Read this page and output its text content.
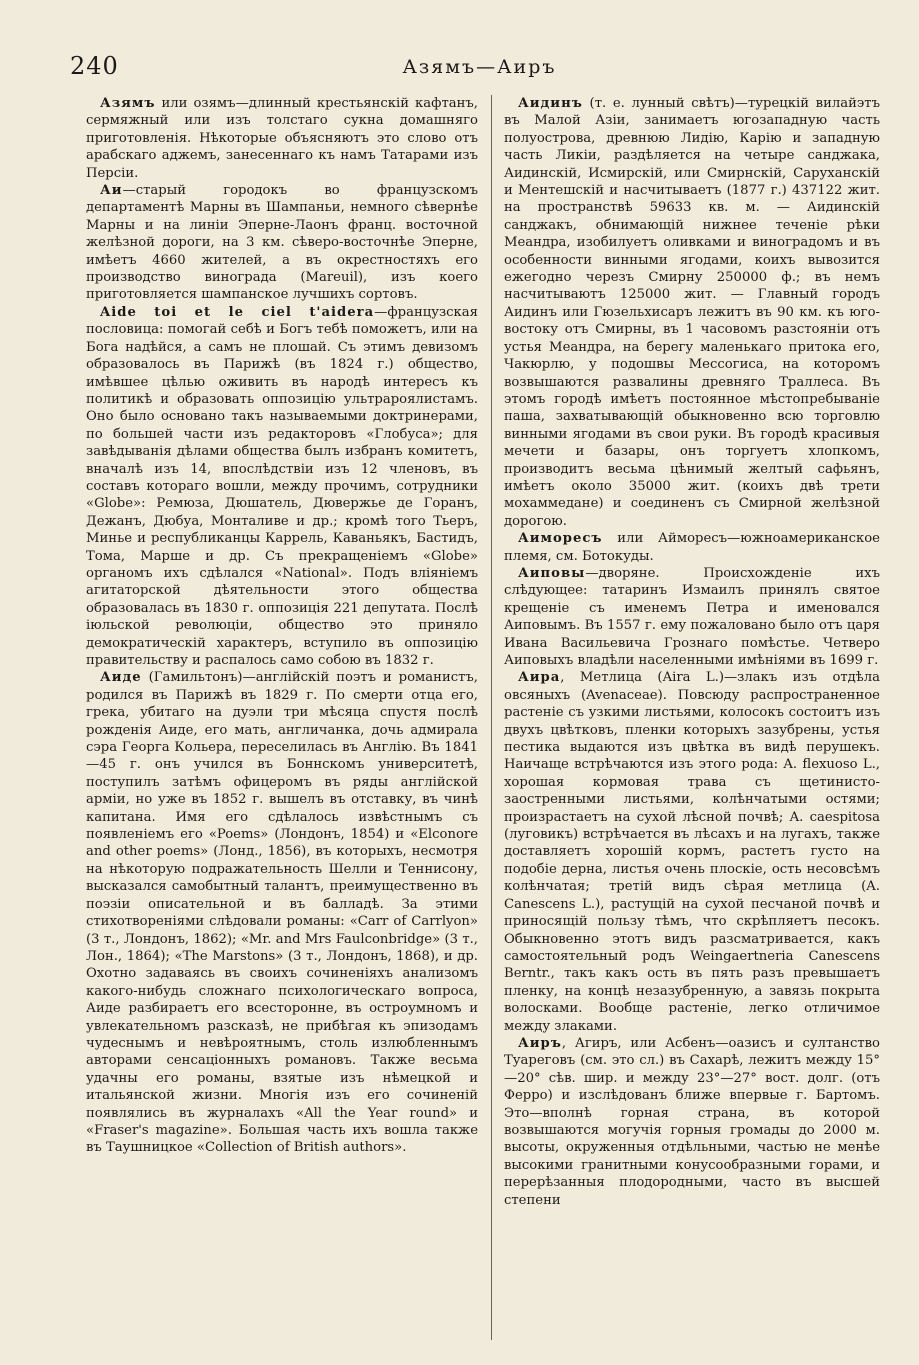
240	Азямъ—Аиръ

Азямъ или озямъ—длинный крестьянскій кафтанъ, сермяжный или изъ толстаго сукна домашняго приготовленія. Нѣкоторые объясняютъ это слово отъ арабскаго аджемъ, занесеннаго къ намъ Татарами изъ Персіи.

Аи—старый городокъ во французскомъ департаментѣ Марны въ Шампаньи, немного сѣвернѣе Марны и на линіи Эперне-Лаонъ франц. восточной желѣзной дороги, на 3 км. сѣверо-восточнѣе Эперне, имѣетъ 4660 жителей, а въ окрестностяхъ его производство винограда (Mareuil), изъ коего приготовляется шампанское лучшихъ сортовъ.

Aide toi et le ciel t'aidera—французская пословица: помогай себѣ и Богъ тебѣ поможетъ, или на Бога надѣйся, а самъ не плошай. Съ этимъ девизомъ образовалось въ Парижѣ (въ 1824 г.) общество, имѣвшее цѣлью оживить въ народѣ интересъ къ политикѣ и образовать оппозицію ультрароялистамъ. Оно было основано такъ называемыми доктринерами, по большей части изъ редакторовъ «Глобуса»; для завѣдыванія дѣлами общества былъ избранъ комитетъ, вначалѣ изъ 14, впослѣдствіи изъ 12 членовъ, въ составъ котораго вошли, между прочимъ, сотрудники «Globe»: Ремюза, Дюшатель, Дювержье де Горанъ, Дежанъ, Дюбуа, Монталиве и др.; кромѣ того Тьеръ, Минье и республиканцы Каррель, Каваньякъ, Бастидъ, Тома, Марше и др. Съ прекращеніемъ «Globe» органомъ ихъ сдѣлался «National». Подъ вліяніемъ агитаторской дѣятельности этого общества образовалась въ 1830 г. оппозиція 221 депутата. Послѣ іюльской революціи, общество это приняло демократическій характеръ, вступило въ оппозицію правительству и распалось само собою въ 1832 г.

Аиде (Гамильтонъ)—англійскій поэтъ и романистъ, родился въ Парижѣ въ 1829 г. По смерти отца его, грека, убитаго на дуэли три мѣсяца спустя послѣ рожденія Аиде, его мать, англичанка, дочь адмирала сэра Георга Кольера, переселилась въ Англію. Въ 1841—45 г. онъ учился въ Боннскомъ университетѣ, поступилъ затѣмъ офицеромъ въ ряды англійской арміи, но уже въ 1852 г. вышелъ въ отставку, въ чинѣ капитана. Имя его сдѣлалось извѣстнымъ съ появленіемъ его «Poems» (Лондонъ, 1854) и «Elconore and other poems» (Лонд., 1856), въ которыхъ, несмотря на нѣкоторую подражательность Шелли и Теннисону, высказался самобытный талантъ, преимущественно въ поэзіи описательной и въ балладѣ. За этими стихотвореніями слѣдовали романы: «Carr of Carrlyon» (3 т., Лондонъ, 1862); «Mr. and Mrs Faulconbridge» (3 т., Лон., 1864); «The Marstons» (3 т., Лондонъ, 1868), и др. Охотно задаваясь въ своихъ сочиненіяхъ анализомъ какого-нибудь сложнаго психологическаго вопроса, Аиде разбираетъ его всесторонне, въ остроумномъ и увлекательномъ разсказѣ, не прибѣгая къ эпизодамъ чудеснымъ и невѣроятнымъ, столь излюбленнымъ авторами сенсаціонныхъ романовъ. Также весьма удачны его романы, взятые изъ нѣмецкой и итальянской жизни. Многія изъ его сочиненій появлялись въ журналахъ «All the Year round» и «Fraser's magazine». Большая часть ихъ вошла также въ Таушницкое «Collection of British authors».

Аидинъ (т. е. лунный свѣтъ)—турецкій вилайэтъ въ Малой Азіи, занимаетъ югозападную часть полуострова, древнюю Лидію, Карію и западную часть Ликіи, раздѣляется на четыре санджака, Аидинскій, Исмирскій, или Смирнскій, Саруханскій и Ментешскій и насчитываетъ (1877 г.) 437122 жит. на пространствѣ 59633 кв. м. — Аидинскій санджакъ, обнимающій нижнее теченіе рѣки Меандра, изобилуетъ оливками и виноградомъ и въ особенности винными ягодами, коихъ вывозится ежегодно черезъ Смирну 250000 ф.; въ немъ насчитываютъ 125000 жит. — Главный городъ Аидинъ или Гюзельхисаръ лежитъ въ 90 км. къ юго-востоку отъ Смирны, въ 1 часовомъ разстояніи отъ устья Меандра, на берегу маленькаго притока его, Чакюрлю, у подошвы Мессогиса, на которомъ возвышаются развалины древняго Траллеса. Въ этомъ городѣ имѣетъ постоянное мѣстопребываніе паша, захватывающій обыкновенно всю торговлю винными ягодами въ свои руки. Въ городѣ красивыя мечети и базары, онъ торгуетъ хлопкомъ, производитъ весьма цѣнимый желтый сафьянъ, имѣетъ около 35000 жит. (коихъ двѣ трети мохаммедане) и соединенъ съ Смирной желѣзной дорогою.

Аиморесъ или Айморесъ—южноамериканское племя, см. Ботокуды.

Аиповы—дворяне. Происхожденіе ихъ слѣдующее: татаринъ Измаилъ принялъ святое крещеніе съ именемъ Петра и именовался Аиповымъ. Въ 1557 г. ему пожаловано было отъ царя Ивана Васильевича Грознаго помѣстье. Четверо Аиповыхъ владѣли населенными имѣніями въ 1699 г.

Аира, Метлица (Aira L.)—злакъ изъ отдѣла овсяныхъ (Avenaceae). Повсюду распространенное растеніе съ узкими листьями, колосокъ состоитъ изъ двухъ цвѣтковъ, пленки которыхъ зазубрены, устья пестика выдаются изъ цвѣтка въ видѣ перушекъ. Наичаще встрѣчаются изъ этого рода: A. flexuoso L., хорошая кормовая трава съ щетинисто-заостренными листьями, колѣнчатыми остями; произрастаетъ на сухой лѣсной почвѣ; A. caespitosa (луговикъ) встрѣчается въ лѣсахъ и на лугахъ, также доставляетъ хорошій кормъ, растетъ густо на подобіе дерна, листья очень плоскіе, ость несовсѣмъ колѣнчатая; третій видъ сѣрая метлица (A. Canescens L.), растущій на сухой песчаной почвѣ и приносящій пользу тѣмъ, что скрѣпляетъ песокъ. Обыкновенно этотъ видъ разсматривается, какъ самостоятельный родъ Weingaertneria Canescens Berntr., такъ какъ ость въ пять разъ превышаетъ пленку, на концѣ незазубренную, а завязь покрыта волосками. Вообще растеніе, легко отличимое между злаками.

Аиръ, Агиръ, или Асбенъ—оазисъ и султанство Туареговъ (см. это сл.) въ Сахарѣ, лежитъ между 15°—20° сѣв. шир. и между 23°—27° вост. долг. (отъ Ферро) и изслѣдованъ ближе впервые г. Бартомъ. Это—вполнѣ горная страна, въ которой возвышаются могучія горныя громады до 2000 м. высоты, окруженныя отдѣльными, частью не менѣе высокими гранитными конусообразными горами, и перерѣзанныя плодородными, часто въ высшей степени
